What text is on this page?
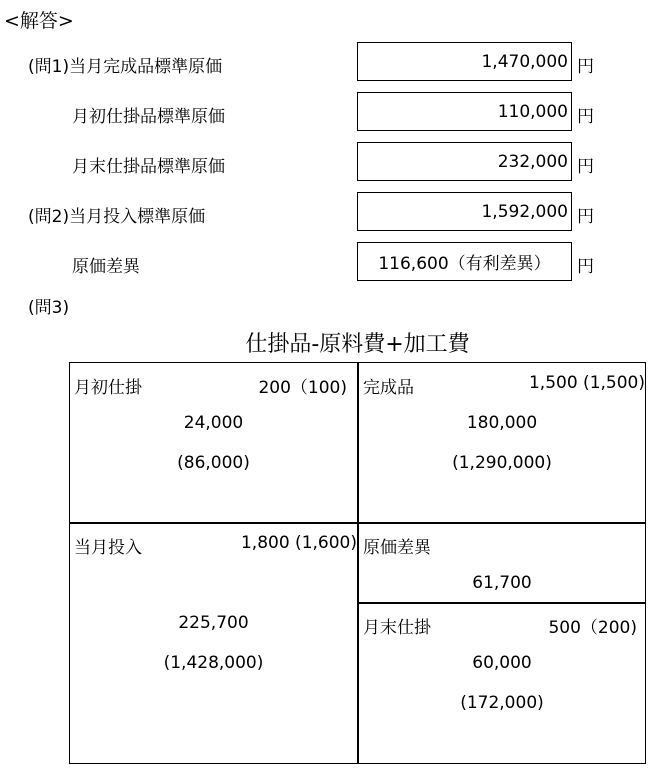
<解答>
(問1)当月完成品標準原価	1,470,000 円
月初仕掛品標準原価	110,000 円
月末仕掛品標準原価	232,000 円
(問2)当月投入標準原価	1,592,000 円
原価差異	116,600（有利差異） 円
(問3)
仕掛品-原料費+加工費
月初仕掛	200（100)
24,000
(86,000)
当月投入	1,800 (1,600)
225,700
(1,428,000)
完成品	1,500 (1,500)
180,000
(1,290,000)
原価差異
61,700
月末仕掛	500（200)
60,000
(172,000)
